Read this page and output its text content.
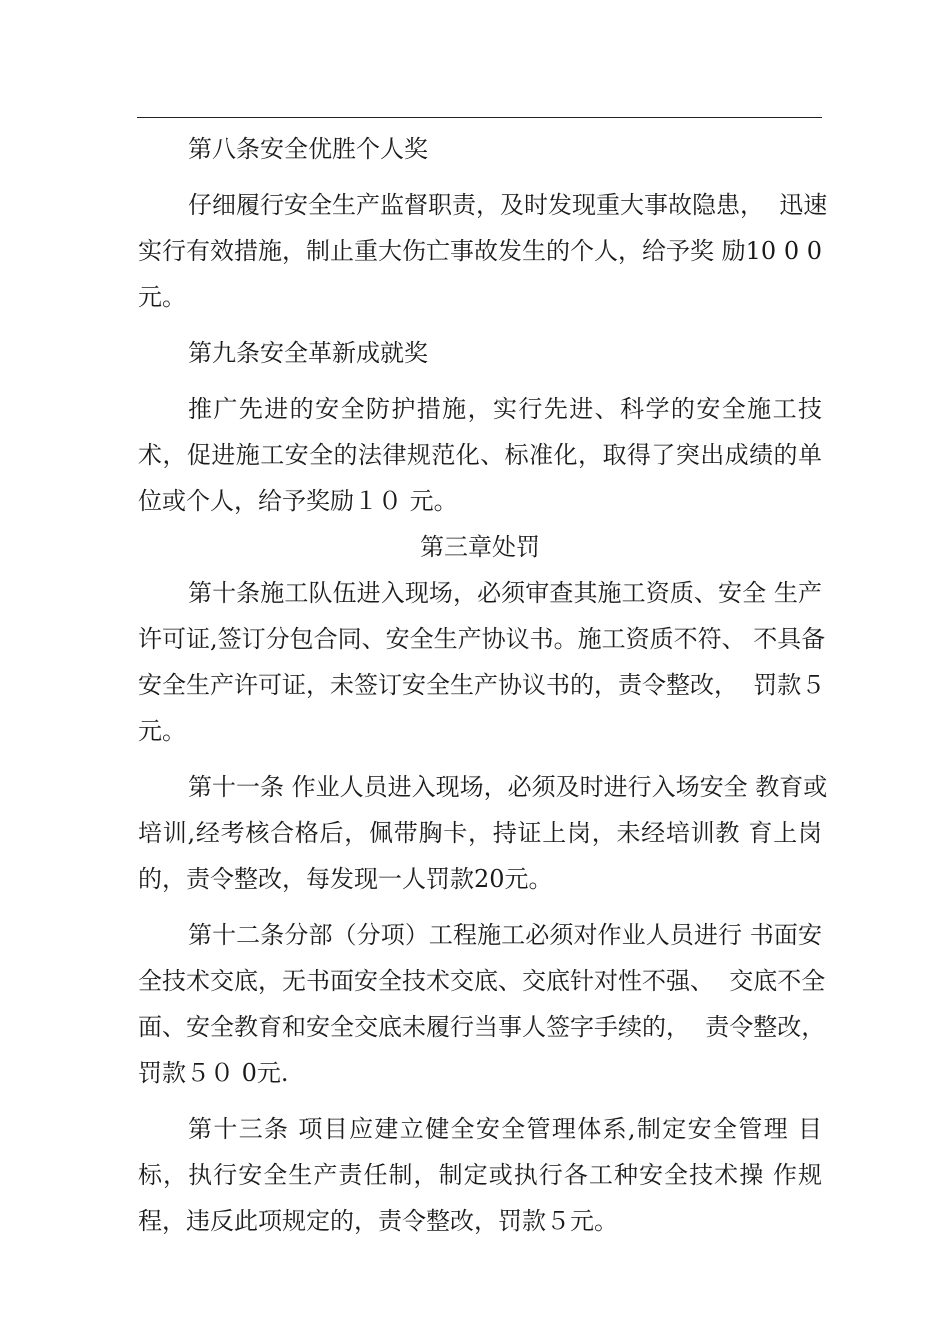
第八条安全优胜个人奖
仔细履行安全生产监督职责，及时发现重大事故隐患，  迅速
实行有效措施，制止重大伤亡事故发生的个人，给予奖 励10 0 0
元。
第九条安全革新成就奖
推广先进的安全防护措施，实行先进、科学的安全施工技
术，促进施工安全的法律规范化、标准化，取得了突出成绩的单
位或个人，给予奖励１０ 元。
第三章处罚
第十条施工队伍进入现场，必须审查其施工资质、安全 生产
许可证,签订分包合同、安全生产协议书。施工资质不符、 不具备
安全生产许可证，未签订安全生产协议书的，责令整改，  罚款５
元。
第十一条 作业人员进入现场，必须及时进行入场安全 教育或
培训,经考核合格后，佩带胸卡，持证上岗，未经培训教 育上岗
的，责令整改，每发现一人罚款20元。
第十二条分部（分项）工程施工必须对作业人员进行 书面安
全技术交底，无书面安全技术交底、交底针对性不强、  交底不全
面、安全教育和安全交底未履行当事人签字手续的，  责令整改，
罚款５０ 0元.
第十三条 项目应建立健全安全管理体系,制定安全管理 目
标，执行安全生产责任制，制定或执行各工种安全技术操 作规
程，违反此项规定的，责令整改，罚款５元。
